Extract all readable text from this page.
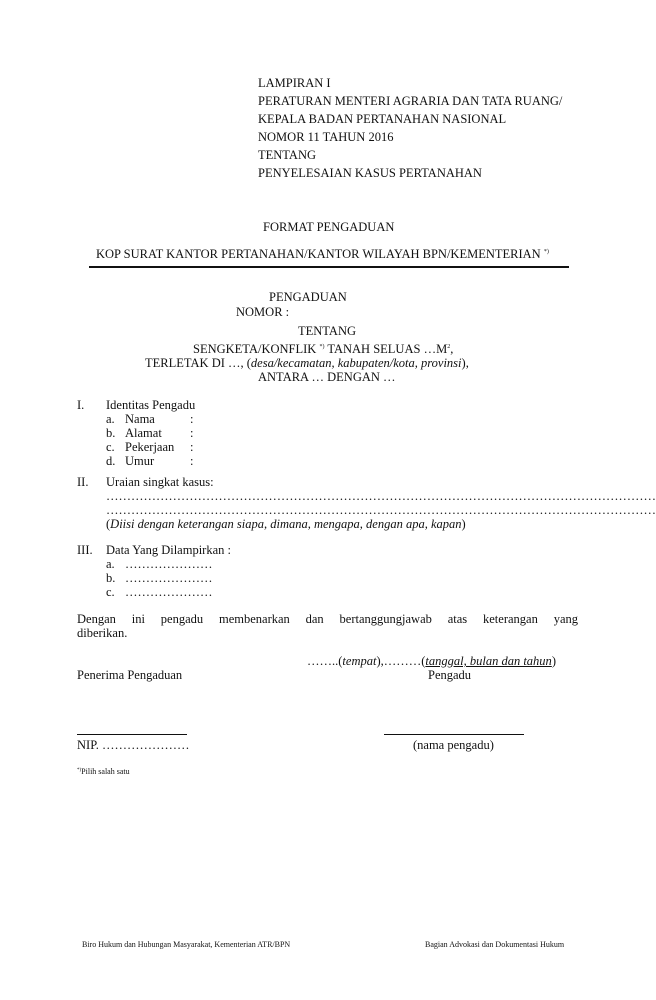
LAMPIRAN I
PERATURAN MENTERI AGRARIA DAN TATA RUANG/
KEPALA BADAN PERTANAHAN NASIONAL
NOMOR 11 TAHUN 2016
TENTANG
PENYELESAIAN KASUS PERTANAHAN
FORMAT PENGADUAN
KOP SURAT KANTOR PERTANAHAN/KANTOR WILAYAH BPN/KEMENTERIAN *)
PENGADUAN
NOMOR :
TENTANG
SENGKETA/KONFLIK *) TANAH SELUAS $\dots M^2$,
TERLETAK DI …, (desa/kecamatan, kabupaten/kota, provinsi),
ANTARA … DENGAN …
I. Identitas Pengadu
a. Nama	:
b. Alamat :
c. Pekerjaan :
d. Umur	:
II. Uraian singkat kasus:
……………………………………………………………………………………………………………………
……………………………………………………………………………………………………………………
(Diisi dengan keterangan siapa, dimana, mengapa, dengan apa, kapan)
III. Data Yang Dilampirkan :
a. …………………
b. …………………
c. …………………
Dengan ini pengadu membenarkan dan bertanggungjawab atas keterangan yang
diberikan.
……..(tempat),………(tanggal, bulan dan tahun)
Penerima Pengaduan	Pengadu
NIP. …………………	(nama pengadu)
*)Pilih salah satu
Biro Hukum dan Hubungan Masyarakat, Kementerian ATR/BPN	Bagian Advokasi dan Dokumentasi Hukum
